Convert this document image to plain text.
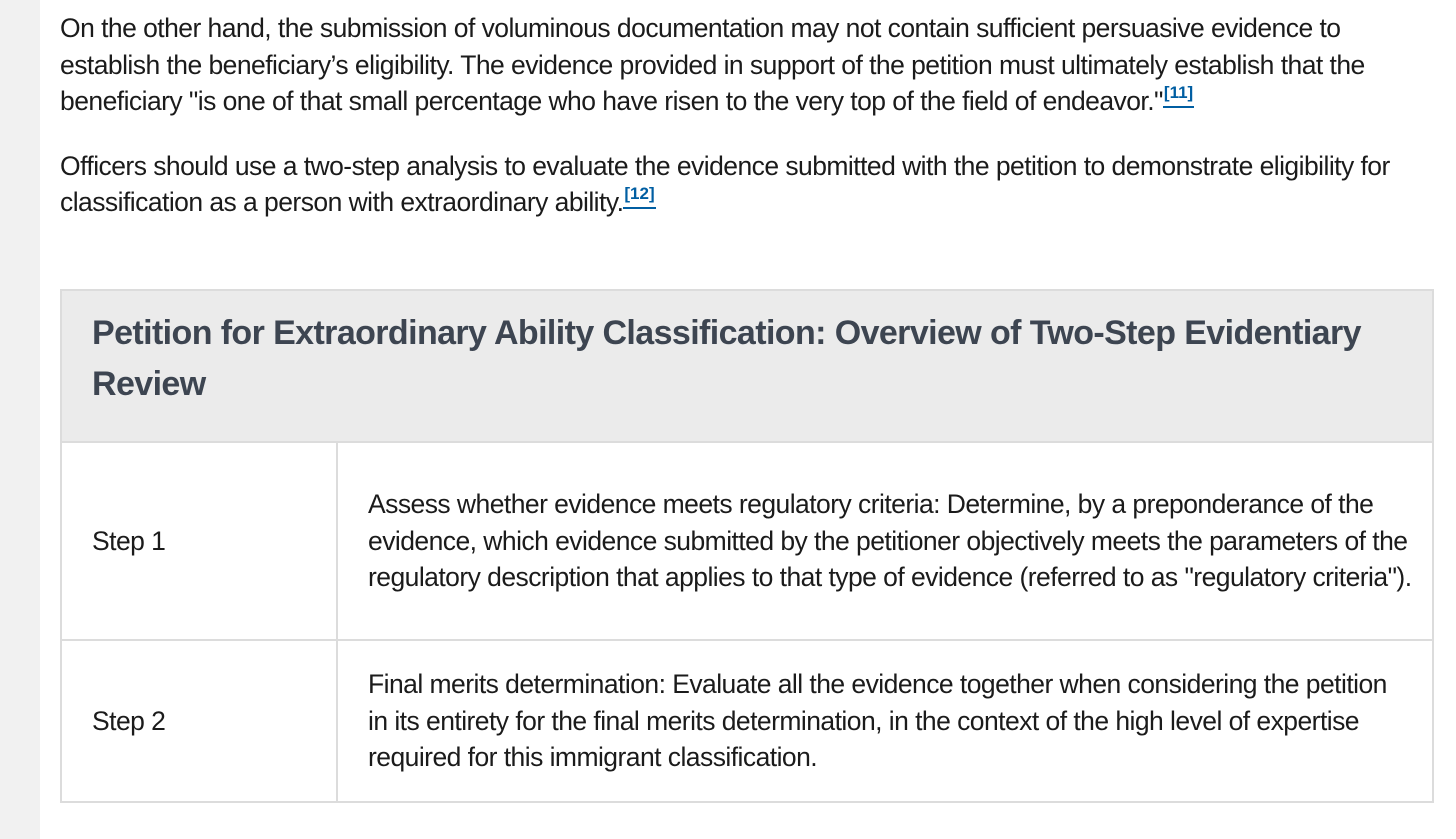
On the other hand, the submission of voluminous documentation may not contain sufficient persuasive evidence to establish the beneficiary’s eligibility. The evidence provided in support of the petition must ultimately establish that the beneficiary "is one of that small percentage who have risen to the very top of the field of endeavor."[11]

Officers should use a two-step analysis to evaluate the evidence submitted with the petition to demonstrate eligibility for classification as a person with extraordinary ability.[12]

Petition for Extraordinary Ability Classification: Overview of Two-Step Evidentiary Review
Step 1	Assess whether evidence meets regulatory criteria: Determine, by a preponderance of the evidence, which evidence submitted by the petitioner objectively meets the parameters of the regulatory description that applies to that type of evidence (referred to as "regulatory criteria").
Step 2	Final merits determination: Evaluate all the evidence together when considering the petition in its entirety for the final merits determination, in the context of the high level of expertise required for this immigrant classification.
